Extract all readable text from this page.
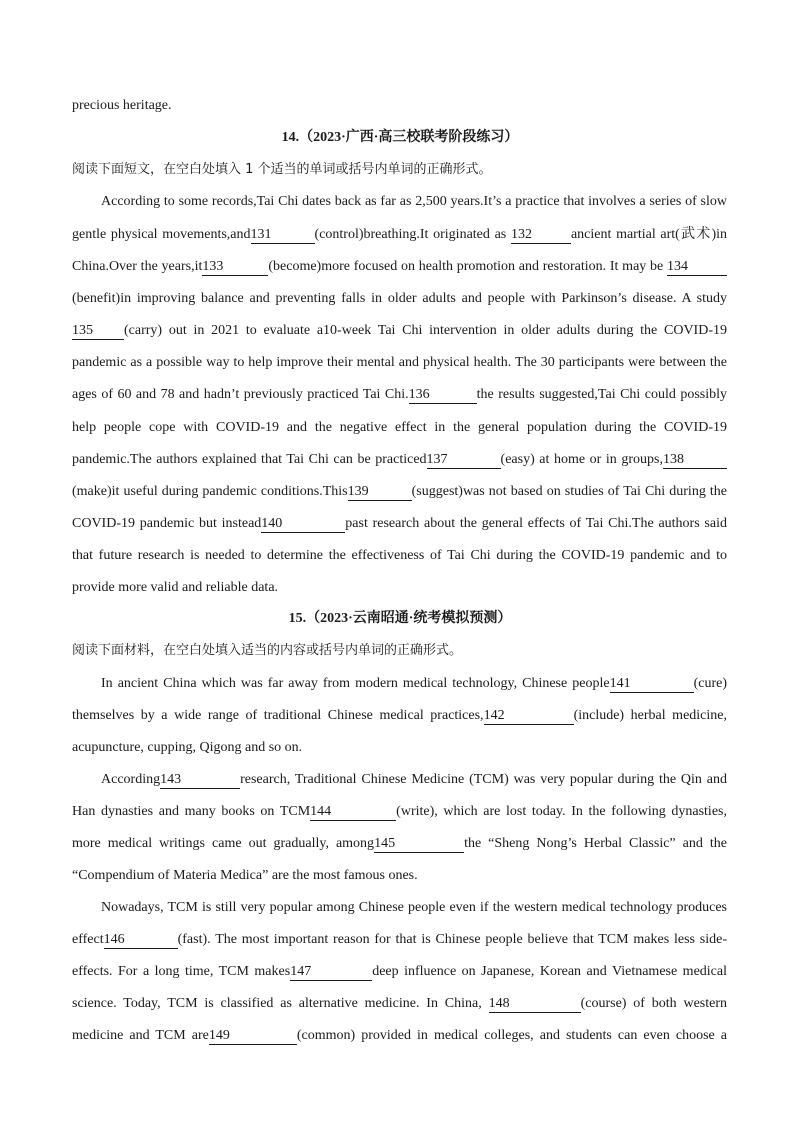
precious heritage.
14.（2023·广西·高三校联考阶段练习）
阅读下面短文，在空白处填入 1 个适当的单词或括号内单词的正确形式。
According to some records,Tai Chi dates back as far as 2,500 years.It’s a practice that involves a series of slow
gentle physical movements,and131	(control)breathing.It originated as 132	ancient martial art(武术)in
China.Over the years,it133	(become)more focused on health promotion and restoration. It may be 134
(benefit)in improving balance and preventing falls in older adults and people with Parkinson’s disease. A study
135 (carry) out in 2021 to evaluate a10-week Tai Chi intervention in older adults during the COVID-19
pandemic as a possible way to help improve their mental and physical health. The 30 participants were between the
ages of 60 and 78 and hadn’t previously practiced Tai Chi.136	the results suggested,Tai Chi could possibly
help people cope with COVID-19 and the negative effect in the general population during the COVID-19
pandemic.The authors explained that Tai Chi can be practiced137	(easy) at home or in groups,138
(make)it useful during pandemic conditions.This139	(suggest)was not based on studies of Tai Chi during the
COVID-19 pandemic but instead140	past research about the general effects of Tai Chi.The authors said
that future research is needed to determine the effectiveness of Tai Chi during the COVID-19 pandemic and to
provide more valid and reliable data.
15.（2023·云南昭通·统考模拟预测）
阅读下面材料，在空白处填入适当的内容或括号内单词的正确形式。
In ancient China which was far away from modern medical technology, Chinese people141	(cure)
themselves by a wide range of traditional Chinese medical practices,142	(include) herbal medicine,
acupuncture, cupping, Qigong and so on.
According143	research, Traditional Chinese Medicine (TCM) was very popular during the Qin and
Han dynasties and many books on TCM144	(write), which are lost today. In the following dynasties,
more medical writings came out gradually, among145	the “Sheng Nong’s Herbal Classic” and the
“Compendium of Materia Medica” are the most famous ones.
Nowadays, TCM is still very popular among Chinese people even if the western medical technology produces
effect146	(fast). The most important reason for that is Chinese people believe that TCM makes less side-
effects. For a long time, TCM makes147	deep influence on Japanese, Korean and Vietnamese medical
science. Today, TCM is classified as alternative medicine. In China, 148	(course) of both western
medicine and TCM are149	(common) provided in medical colleges, and students can even choose a
